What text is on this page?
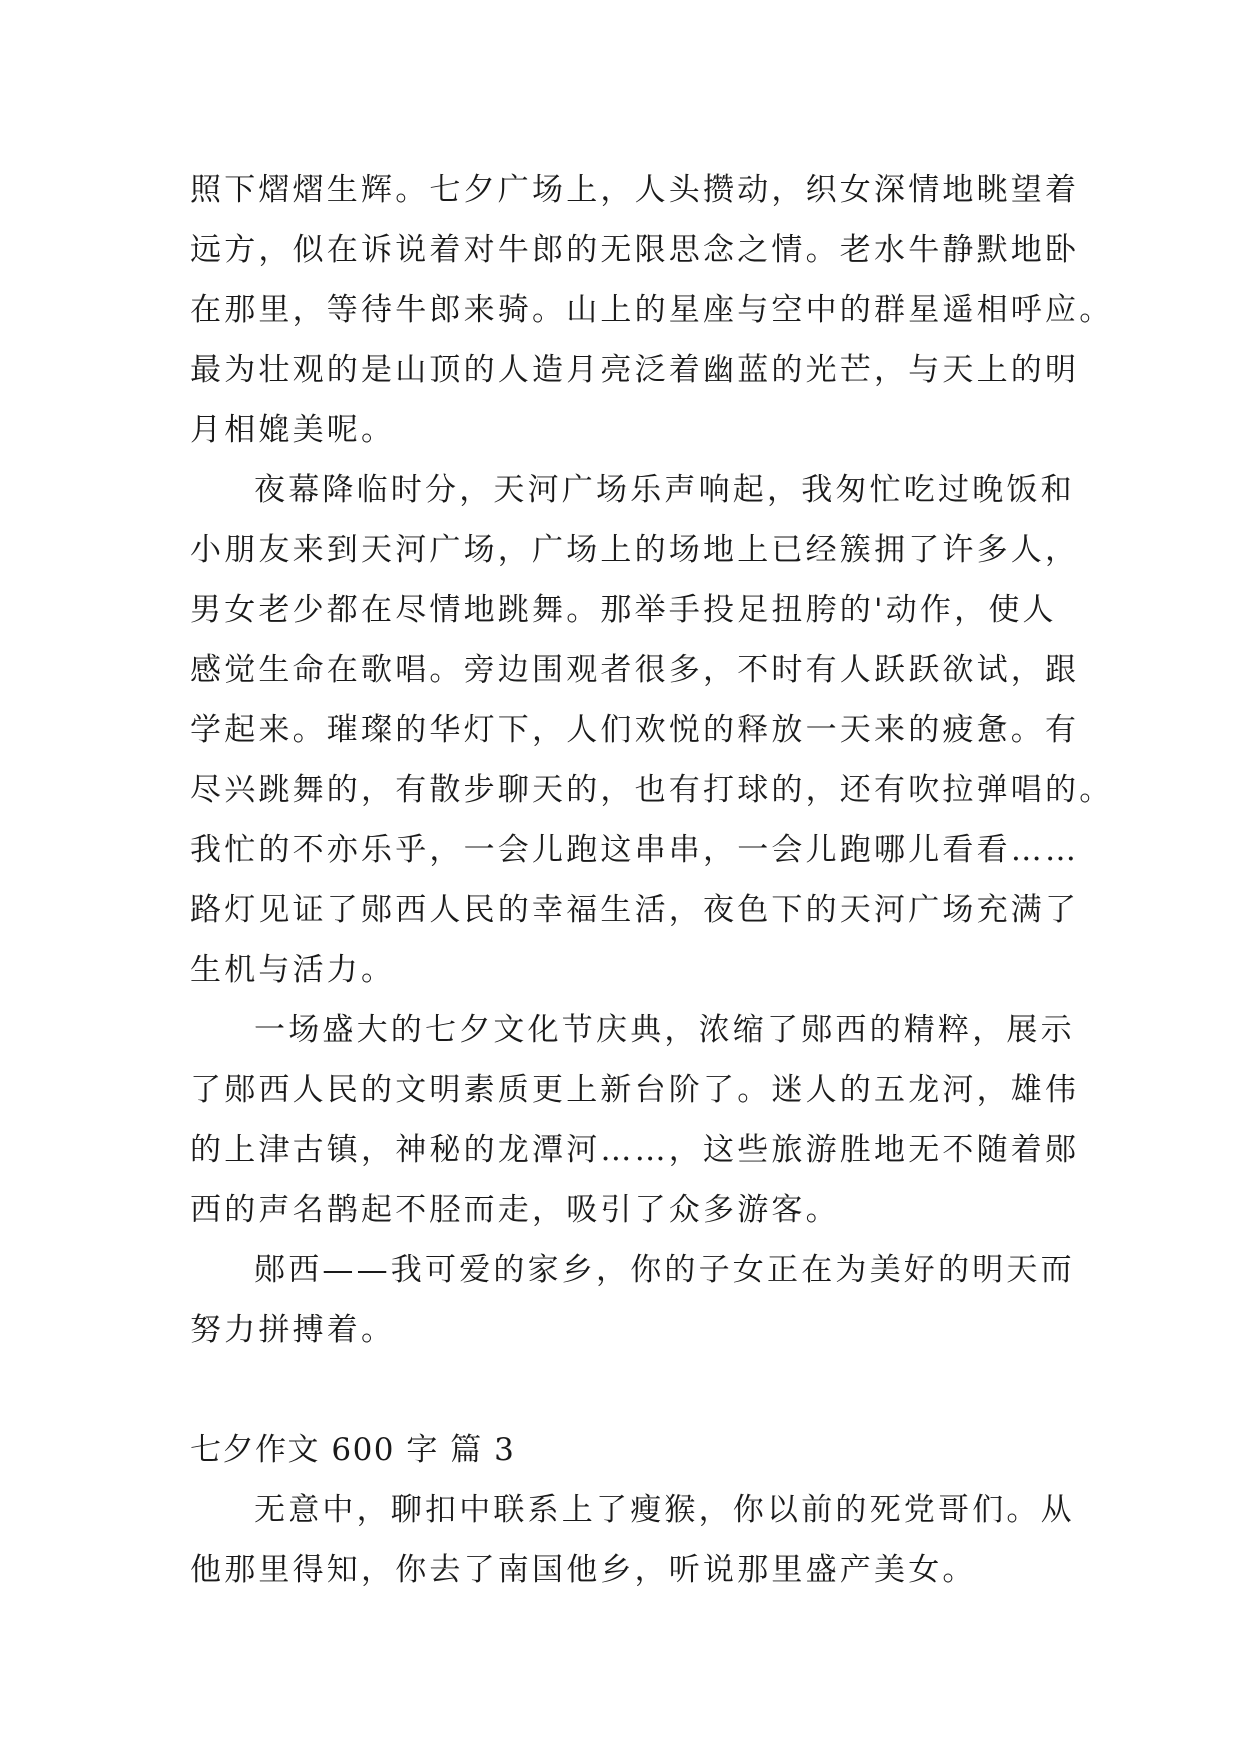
照下熠熠生辉。七夕广场上，人头攒动，织女深情地眺望着
远方，似在诉说着对牛郎的无限思念之情。老水牛静默地卧
在那里，等待牛郎来骑。山上的星座与空中的群星遥相呼应。
最为壮观的是山顶的人造月亮泛着幽蓝的光芒，与天上的明
月相媲美呢。
夜幕降临时分，天河广场乐声响起，我匆忙吃过晚饭和
小朋友来到天河广场，广场上的场地上已经簇拥了许多人，
男女老少都在尽情地跳舞。那举手投足扭胯的'动作，使人
感觉生命在歌唱。旁边围观者很多，不时有人跃跃欲试，跟
学起来。璀璨的华灯下，人们欢悦的释放一天来的疲惫。有
尽兴跳舞的，有散步聊天的，也有打球的，还有吹拉弹唱的。
我忙的不亦乐乎，一会儿跑这串串，一会儿跑哪儿看看……
路灯见证了郧西人民的幸福生活，夜色下的天河广场充满了
生机与活力。
一场盛大的七夕文化节庆典，浓缩了郧西的精粹，展示
了郧西人民的文明素质更上新台阶了。迷人的五龙河，雄伟
的上津古镇，神秘的龙潭河……，这些旅游胜地无不随着郧
西的声名鹊起不胫而走，吸引了众多游客。
郧西——我可爱的家乡，你的子女正在为美好的明天而
努力拼搏着。
七夕作文 600 字 篇 3
无意中，聊扣中联系上了瘦猴，你以前的死党哥们。从
他那里得知，你去了南国他乡，听说那里盛产美女。
